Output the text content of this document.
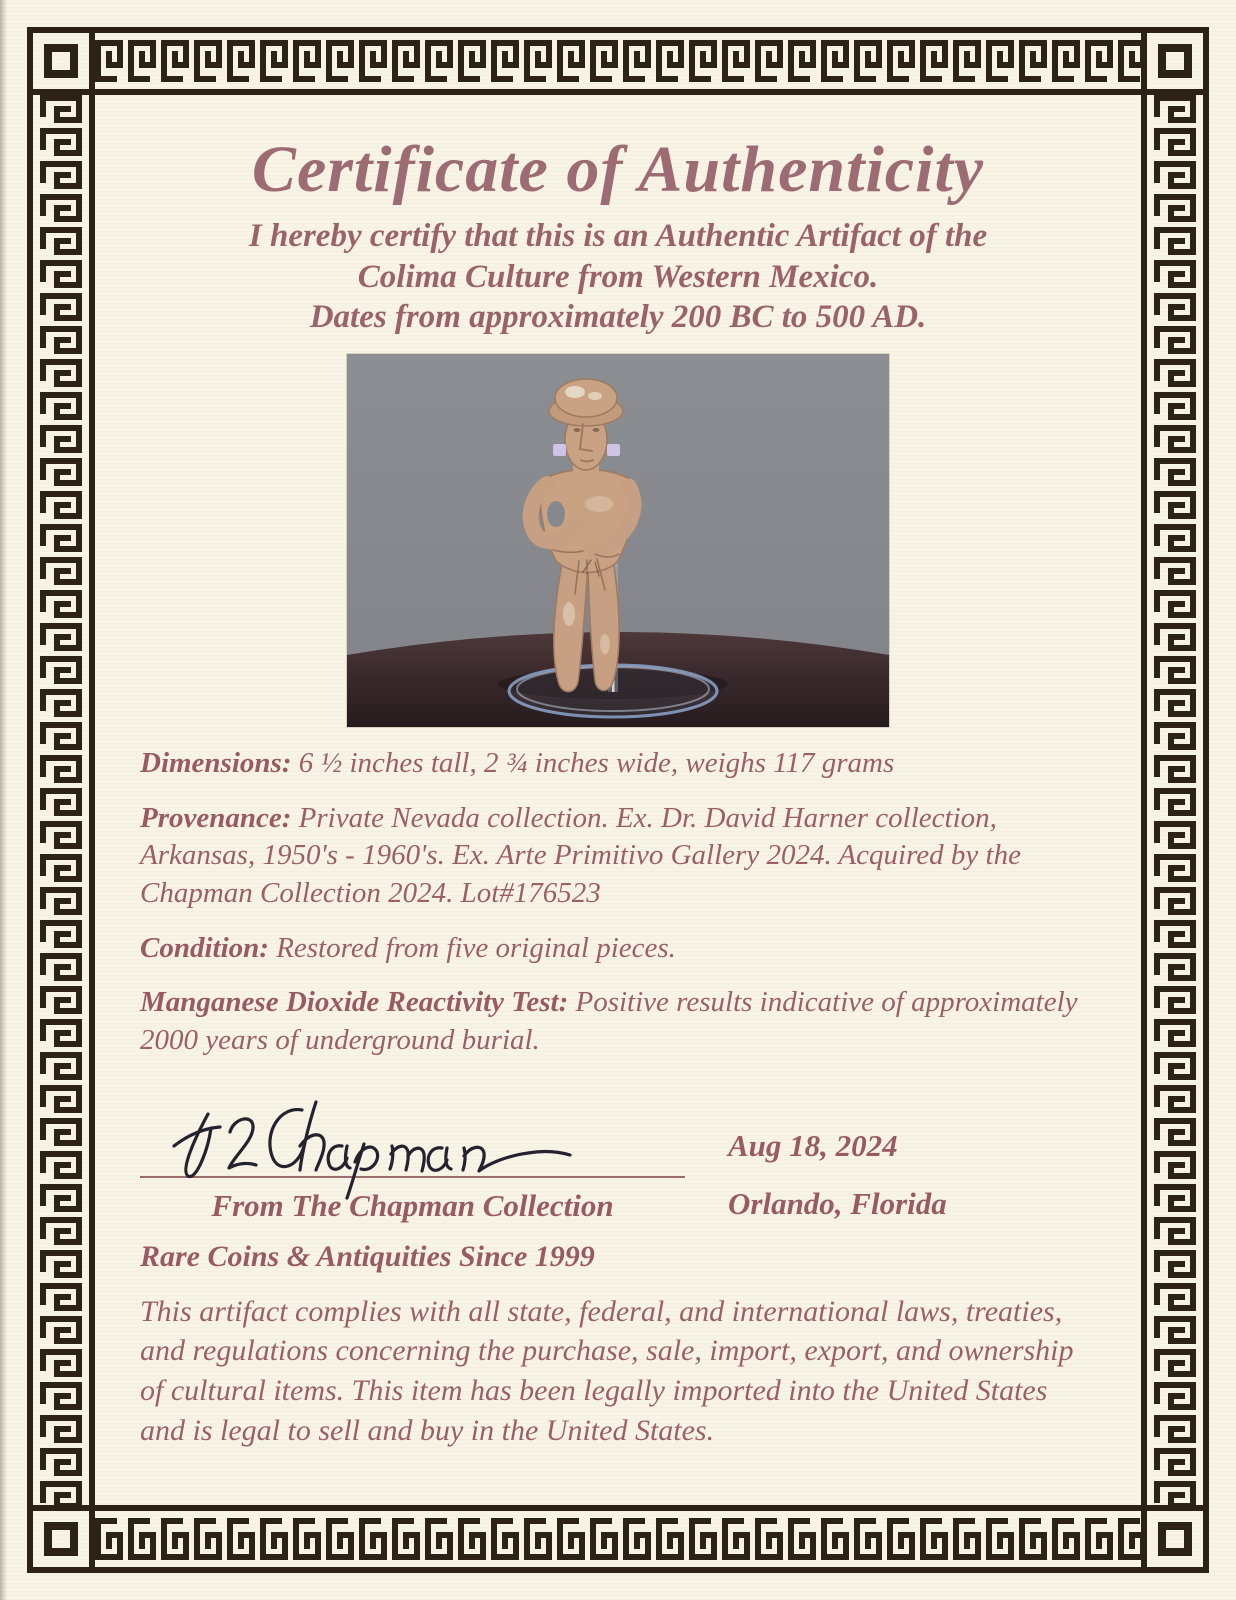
Certificate of Authenticity
I hereby certify that this is an Authentic Artifact of the
Colima Culture from Western Mexico.
Dates from approximately 200 BC to 500 AD.

Dimensions: 6 ½ inches tall, 2 ¾ inches wide, weighs 117 grams

Provenance: Private Nevada collection. Ex. Dr. David Harner collection, Arkansas, 1950's - 1960's. Ex. Arte Primitivo Gallery 2024. Acquired by the Chapman Collection 2024. Lot#176523

Condition: Restored from five original pieces.

Manganese Dioxide Reactivity Test: Positive results indicative of approximately 2000 years of underground burial.

From The Chapman Collection
Aug 18, 2024
Orlando, Florida

Rare Coins & Antiquities Since 1999

This artifact complies with all state, federal, and international laws, treaties, and regulations concerning the purchase, sale, import, export, and ownership of cultural items. This item has been legally imported into the United States and is legal to sell and buy in the United States.
